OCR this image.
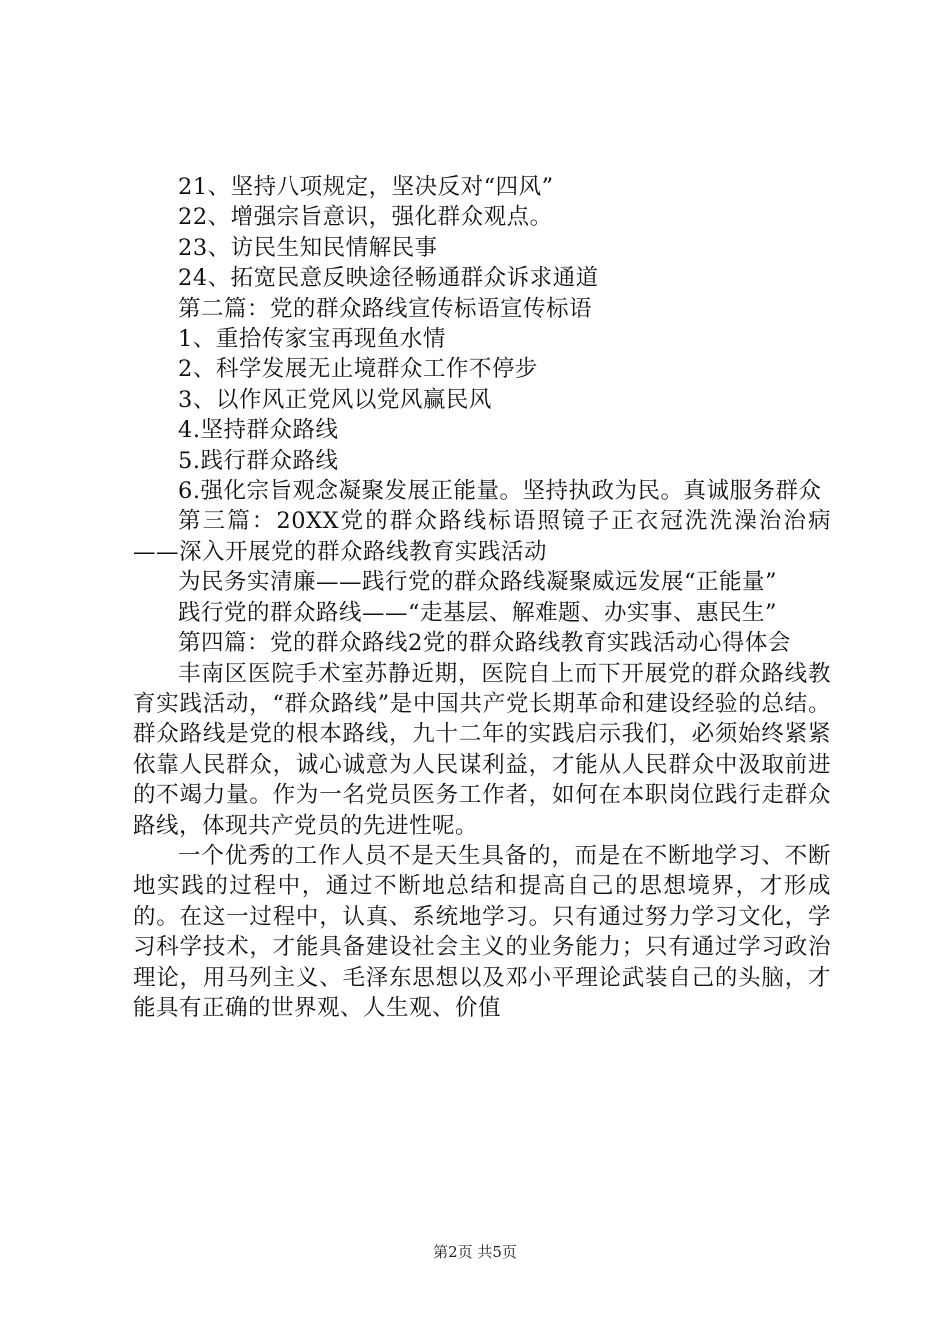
21、坚持八项规定，坚决反对“四风”

22、增强宗旨意识，强化群众观点。

23、访民生知民情解民事

24、拓宽民意反映途径畅通群众诉求通道

第二篇：党的群众路线宣传标语宣传标语

1、重拾传家宝再现鱼水情

2、科学发展无止境群众工作不停步

3、以作风正党风以党风赢民风

4.坚持群众路线

5.践行群众路线

6.强化宗旨观念凝聚发展正能量。坚持执政为民。真诚服务群众

第三篇：20XX党的群众路线标语照镜子正衣冠洗洗澡治治病——深入开展党的群众路线教育实践活动

为民务实清廉——践行党的群众路线凝聚威远发展“正能量”

践行党的群众路线——“走基层、解难题、办实事、惠民生”

第四篇：党的群众路线2党的群众路线教育实践活动心得体会

丰南区医院手术室苏静近期，医院自上而下开展党的群众路线教育实践活动，“群众路线”是中国共产党长期革命和建设经验的总结。群众路线是党的根本路线，九十二年的实践启示我们，必须始终紧紧依靠人民群众，诚心诚意为人民谋利益，才能从人民群众中汲取前进的不竭力量。作为一名党员医务工作者，如何在本职岗位践行走群众路线，体现共产党员的先进性呢。

一个优秀的工作人员不是天生具备的，而是在不断地学习、不断地实践的过程中，通过不断地总结和提高自己的思想境界，才形成的。在这一过程中，认真、系统地学习。只有通过努力学习文化，学习科学技术，才能具备建设社会主义的业务能力；只有通过学习政治理论，用马列主义、毛泽东思想以及邓小平理论武装自己的头脑，才能具有正确的世界观、人生观、价值

第2页 共5页
